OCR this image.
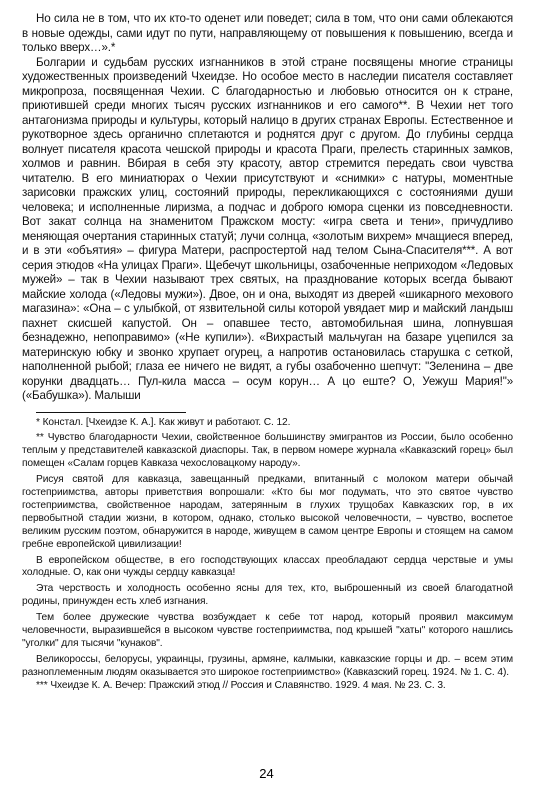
Но сила не в том, что их кто-то оденет или поведет; сила в том, что они сами облекаются в новые одежды, сами идут по пути, направляющему от повышения к повышению, всегда и только вверх…».*

Болгарии и судьбам русских изгнанников в этой стране посвящены многие страницы художественных произведений Чхеидзе. Но особое место в наследии писателя составляет микропроза, посвященная Чехии. С благодарностью и любовью относится он к стране, приютившей среди многих тысяч русских изгнанников и его самого**. В Чехии нет того антагонизма природы и культуры, который налицо в других странах Европы. Естественное и рукотворное здесь органично сплетаются и роднятся друг с другом. До глубины сердца волнует писателя красота чешской природы и красота Праги, прелесть старинных замков, холмов и равнин. Вбирая в себя эту красоту, автор стремится передать свои чувства читателю. В его миниатюрах о Чехии присутствуют и «снимки» с натуры, моментные зарисовки пражских улиц, состояний природы, перекликающихся с состояниями души человека; и исполненные лиризма, а подчас и доброго юмора сценки из повседневности. Вот закат солнца на знаменитом Пражском мосту: «игра света и тени», причудливо меняющая очертания старинных статуй; лучи солнца, «золотым вихрем» мчащиеся вперед, и в эти «объятия» – фигура Матери, распростертой над телом Сына-Спасителя***. А вот серия этюдов «На улицах Праги». Щебечут школьницы, озабоченные неприходом «Ледовых мужей» – так в Чехии называют трех святых, на празднование которых всегда бывают майские холода («Ледовы мужи»). Двое, он и она, выходят из дверей «шикарного мехового магазина»: «Она – с улыбкой, от язвительной силы которой увядает мир и майский ландыш пахнет скисшей капустой. Он – опавшее тесто, автомобильная шина, лопнувшая безнадежно, непоправимо» («Не купили»). «Вихрастый мальчуган на базаре уцепился за материнскую юбку и звонко хрупает огурец, а напротив остановилась старушка с сеткой, наполненной рыбой; глаза ее ничего не видят, а губы озабоченно шепчут: "Зеленина – две корунки двадцать… Пул-кила масса – осум корун… А цо еште? О, Уежуш Мария!"» («Бабушка»). Малыши

* Констал. [Чхеидзе К. А.]. Как живут и работают. С. 12.

** Чувство благодарности Чехии, свойственное большинству эмигрантов из России, было особенно теплым у представителей кавказской диаспоры. Так, в первом номере журнала «Кавказский горец» был помещен «Салам горцев Кавказа чехословацкому народу».

Рисуя святой для кавказца, завещанный предками, впитанный с молоком матери обычай гостеприимства, авторы приветствия вопрошали: «Кто бы мог подумать, что это святое чувство гостеприимства, свойственное народам, затерянным в глухих трущобах Кавказских гор, в их первобытной стадии жизни, в котором, однако, столько высокой человечности, – чувство, воспетое великим русским поэтом, обнаружится в народе, живущем в самом центре Европы и стоящем на самом гребне европейской цивилизации!

В европейском обществе, в его господствующих классах преобладают сердца черствые и умы холодные. О, как они чужды сердцу кавказца!

Эта черствость и холодность особенно ясны для тех, кто, выброшенный из своей благодатной родины, принужден есть хлеб изгнания.

Тем более дружеские чувства возбуждает к себе тот народ, который проявил максимум человечности, выразившейся в высоком чувстве гостеприимства, под крышей "хаты" которого нашлись "уголки" для тысячи "кунаков".

Великороссы, белорусы, украинцы, грузины, армяне, калмыки, кавказские горцы и др. – всем этим разноплеменным людям оказывается это широкое гостеприимство» (Кавказский горец. 1924. № 1. С. 4).

*** Чхеидзе К. А. Вечер: Пражский этюд // Россия и Славянство. 1929. 4 мая. № 23. С. 3.

24
